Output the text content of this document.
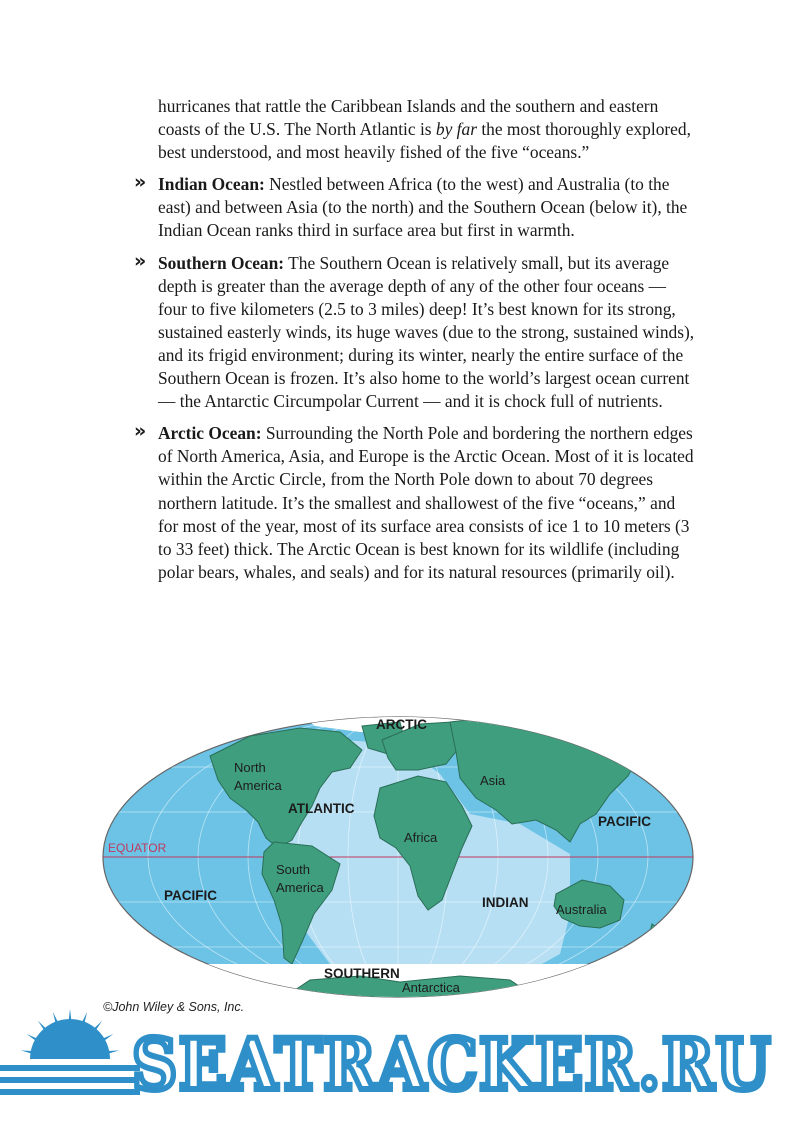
hurricanes that rattle the Caribbean Islands and the southern and eastern coasts of the U.S. The North Atlantic is by far the most thoroughly explored, best understood, and most heavily fished of the five “oceans.”

» Indian Ocean: Nestled between Africa (to the west) and Australia (to the east) and between Asia (to the north) and the Southern Ocean (below it), the Indian Ocean ranks third in surface area but first in warmth.

» Southern Ocean: The Southern Ocean is relatively small, but its average depth is greater than the average depth of any of the other four oceans — four to five kilometers (2.5 to 3 miles) deep! It’s best known for its strong, sustained easterly winds, its huge waves (due to the strong, sustained winds), and its frigid environment; during its winter, nearly the entire surface of the Southern Ocean is frozen. It’s also home to the world’s largest ocean current — the Antarctic Circumpolar Current — and it is chock full of nutrients.

» Arctic Ocean: Surrounding the North Pole and bordering the northern edges of North America, Asia, and Europe is the Arctic Ocean. Most of it is located within the Arctic Circle, from the North Pole down to about 70 degrees northern latitude. It’s the smallest and shallowest of the five “oceans,” and for most of the year, most of its surface area consists of ice 1 to 10 meters (3 to 33 feet) thick. The Arctic Ocean is best known for its wildlife (including polar bears, whales, and seals) and for its natural resources (primarily oil).

ARCTIC
North
America
ATLANTIC
Asia
PACIFIC
EQUATOR
Africa
South
America
PACIFIC	INDIAN Australia
SOUTHERN
Antarctica
©John Wiley & Sons, Inc.
SEATRACKER.RU
